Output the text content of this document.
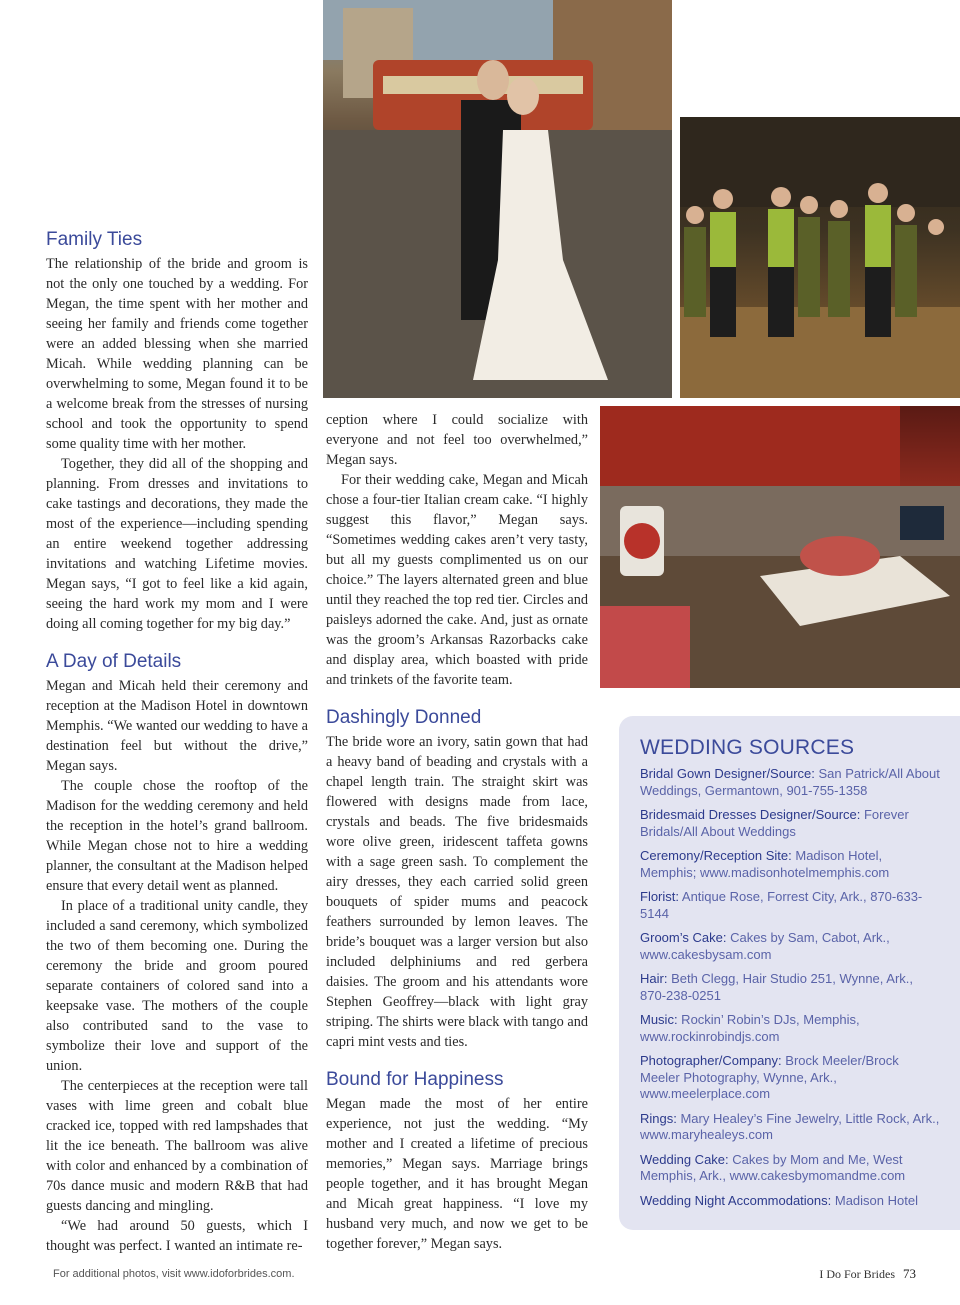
Family Ties

The relationship of the bride and groom is not the only one touched by a wedding. For Megan, the time spent with her mother and seeing her family and friends come together were an added blessing when she married Micah. While wedding planning can be overwhelming to some, Megan found it to be a welcome break from the stresses of nursing school and took the opportunity to spend some quality time with her mother.

Together, they did all of the shopping and planning. From dresses and invitations to cake tastings and decorations, they made the most of the experience—including spending an entire weekend together addressing invitations and watching Lifetime movies. Megan says, “I got to feel like a kid again, seeing the hard work my mom and I were doing all coming together for my big day.”

A Day of Details

Megan and Micah held their ceremony and reception at the Madison Hotel in downtown Memphis. “We wanted our wedding to have a destination feel but without the drive,” Megan says.

The couple chose the rooftop of the Madison for the wedding ceremony and held the reception in the hotel’s grand ballroom. While Megan chose not to hire a wedding planner, the consultant at the Madison helped ensure that every detail went as planned.

In place of a traditional unity candle, they included a sand ceremony, which symbolized the two of them becoming one. During the ceremony the bride and groom poured separate containers of colored sand into a keepsake vase. The mothers of the couple also contributed sand to the vase to symbolize their love and support of the union.

The centerpieces at the reception were tall vases with lime green and cobalt blue cracked ice, topped with red lampshades that lit the ice beneath. The ballroom was alive with color and enhanced by a combination of 70s dance music and modern R&B that had guests dancing and mingling.

“We had around 50 guests, which I thought was perfect. I wanted an intimate re-

ception where I could socialize with everyone and not feel too overwhelmed,” Megan says.

For their wedding cake, Megan and Micah chose a four-tier Italian cream cake. “I highly suggest this flavor,” Megan says. “Sometimes wedding cakes aren’t very tasty, but all my guests complimented us on our choice.” The layers alternated green and blue until they reached the top red tier. Circles and paisleys adorned the cake. And, just as ornate was the groom’s Arkansas Razorbacks cake and display area, which boasted with pride and trinkets of the favorite team.

Dashingly Donned

The bride wore an ivory, satin gown that had a heavy band of beading and crystals with a chapel length train. The straight skirt was flowered with designs made from lace, crystals and beads. The five bridesmaids wore olive green, iridescent taffeta gowns with a sage green sash. To complement the airy dresses, they each carried solid green bouquets of spider mums and peacock feathers surrounded by lemon leaves. The bride’s bouquet was a larger version but also included delphiniums and red gerbera daisies. The groom and his attendants wore Stephen Geoffrey—black with light gray striping. The shirts were black with tango and capri mint vests and ties.

Bound for Happiness

Megan made the most of her entire experience, not just the wedding. “My mother and I created a lifetime of precious memories,” Megan says. Marriage brings people together, and it has brought Megan and Micah great happiness. “I love my husband very much, and now we get to be together forever,” Megan says.

WEDDING SOURCES

Bridal Gown Designer/Source: San Patrick/All About Weddings, Germantown, 901-755-1358

Bridesmaid Dresses Designer/Source: Forever Bridals/All About Weddings

Ceremony/Reception Site: Madison Hotel, Memphis; www.madisonhotelmemphis.com

Florist: Antique Rose, Forrest City, Ark., 870-633-5144

Groom’s Cake: Cakes by Sam, Cabot, Ark., www.cakesbysam.com

Hair: Beth Clegg, Hair Studio 251, Wynne, Ark., 870-238-0251

Music: Rockin’ Robin’s DJs, Memphis, www.rockinrobindjs.com

Photographer/Company: Brock Meeler/Brock Meeler Photography, Wynne, Ark., www.meelerplace.com

Rings: Mary Healey’s Fine Jewelry, Little Rock, Ark., www.maryhealeys.com

Wedding Cake: Cakes by Mom and Me, West Memphis, Ark., www.cakesbymomandme.com

Wedding Night Accommodations: Madison Hotel

For additional photos, visit www.idoforbrides.com.	I Do For Brides 73
